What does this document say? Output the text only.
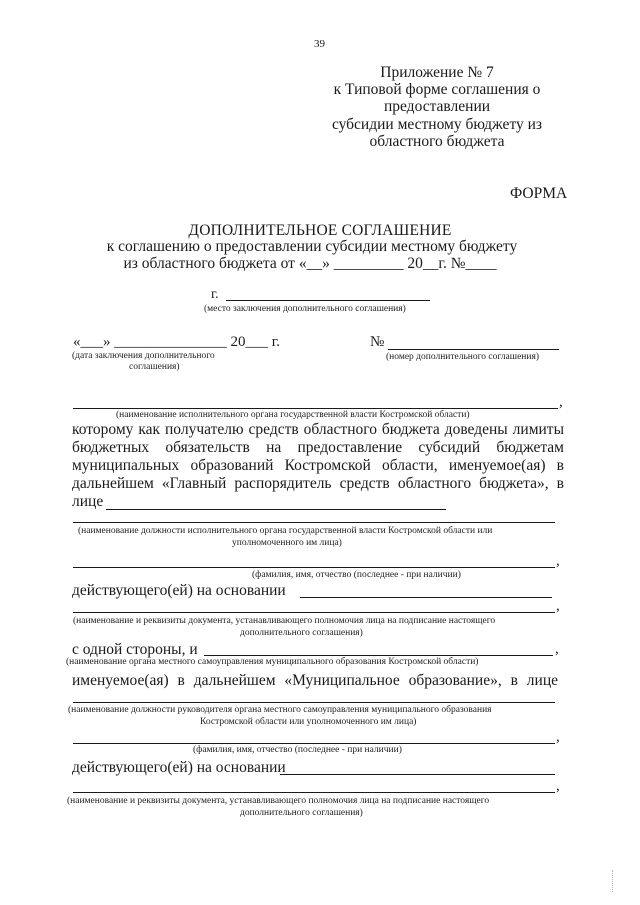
39
Приложение № 7
к Типовой форме соглашения о
предоставлении
субсидии местному бюджету из
областного бюджета
ФОРМА
ДОПОЛНИТЕЛЬНОЕ СОГЛАШЕНИЕ
к соглашению о предоставлении субсидии местному бюджету
из областного бюджета от «__» _________ 20__г. №____
г.
(место заключения дополнительного соглашения)
«___» _______________ 20___ г.
(дата заключения дополнительного
соглашения)
№
(номер дополнительного соглашения)
,
(наименование исполнительного органа государственной власти Костромской области)
которому как получателю средств областного бюджета доведены лимиты
бюджетных обязательств на предоставление субсидий бюджетам
муниципальных образований Костромской области, именуемое(ая) в
дальнейшем «Главный распорядитель средств областного бюджета», в
лице
(наименование должности исполнительного органа государственной власти Костромской области или
уполномоченного им лица)
,
(фамилия, имя, отчество (последнее - при наличии)
действующего(ей) на основании
,
(наименование и реквизиты документа, устанавливающего полномочия лица на подписание настоящего
дополнительного соглашения)
с одной стороны, и	,
(наименование органа местного самоуправления муниципального образования Костромской области)
именуемое(ая) в дальнейшем «Муниципальное образование», в лице
(наименование должности руководителя органа местного самоуправления муниципального образования
Костромской области или уполномоченного им лица)
,
(фамилия, имя, отчество (последнее - при наличии)
действующего(ей) на основании
,
(наименование и реквизиты документа, устанавливающего полномочия лица на подписание настоящего
дополнительного соглашения)
